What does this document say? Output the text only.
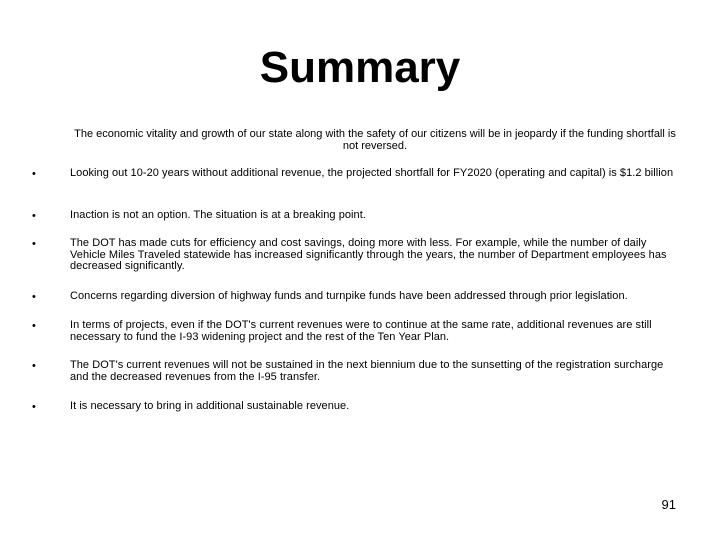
Summary
The economic vitality and growth of our state along with the safety of our citizens will be in jeopardy if the funding shortfall is not reversed.
•	Looking out 10-20 years without additional revenue, the projected shortfall for FY2020 (operating and capital) is $1.2 billion
•	Inaction is not an option. The situation is at a breaking point.
•	The DOT has made cuts for efficiency and cost savings, doing more with less. For example, while the number of daily Vehicle Miles Traveled statewide has increased significantly through the years, the number of Department employees has decreased significantly.
•	Concerns regarding diversion of highway funds and turnpike funds have been addressed through prior legislation.
•	In terms of projects, even if the DOT's current revenues were to continue at the same rate, additional revenues are still necessary to fund the I-93 widening project and the rest of the Ten Year Plan.
•	The DOT's current revenues will not be sustained in the next biennium due to the sunsetting of the registration surcharge and the decreased revenues from the I-95 transfer.
•	It is necessary to bring in additional sustainable revenue.
91
